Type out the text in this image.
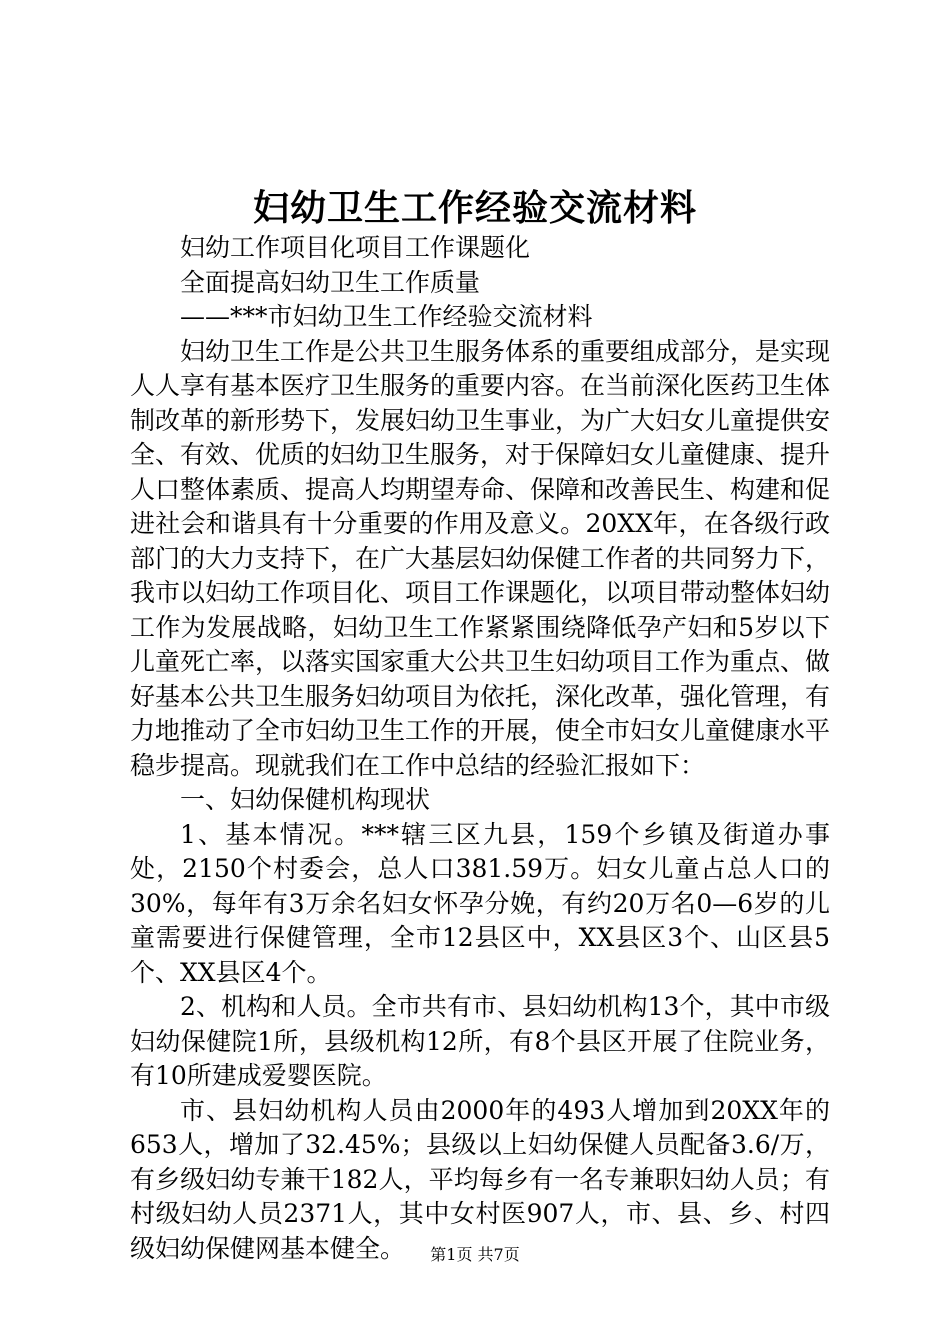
妇幼卫生工作经验交流材料

妇幼工作项目化项目工作课题化

全面提高妇幼卫生工作质量

——***市妇幼卫生工作经验交流材料

妇幼卫生工作是公共卫生服务体系的重要组成部分，是实现人人享有基本医疗卫生服务的重要内容。在当前深化医药卫生体制改革的新形势下，发展妇幼卫生事业，为广大妇女儿童提供安全、有效、优质的妇幼卫生服务，对于保障妇女儿童健康、提升人口整体素质、提高人均期望寿命、保障和改善民生、构建和促进社会和谐具有十分重要的作用及意义。20XX年，在各级行政部门的大力支持下，在广大基层妇幼保健工作者的共同努力下，我市以妇幼工作项目化、项目工作课题化，以项目带动整体妇幼工作为发展战略，妇幼卫生工作紧紧围绕降低孕产妇和5岁以下儿童死亡率，以落实国家重大公共卫生妇幼项目工作为重点、做好基本公共卫生服务妇幼项目为依托，深化改革，强化管理，有力地推动了全市妇幼卫生工作的开展，使全市妇女儿童健康水平稳步提高。现就我们在工作中总结的经验汇报如下：

一、妇幼保健机构现状

1、基本情况。***辖三区九县，159个乡镇及街道办事处，2150个村委会，总人口381.59万。妇女儿童占总人口的30%，每年有3万余名妇女怀孕分娩，有约20万名0—6岁的儿童需要进行保健管理，全市12县区中，XX县区3个、山区县5个、XX县区4个。

2、机构和人员。全市共有市、县妇幼机构13个，其中市级妇幼保健院1所，县级机构12所，有8个县区开展了住院业务，有10所建成爱婴医院。

市、县妇幼机构人员由2000年的493人增加到20XX年的653人，增加了32.45%；县级以上妇幼保健人员配备3.6/万，有乡级妇幼专兼干182人，平均每乡有一名专兼职妇幼人员；有村级妇幼人员2371人，其中女村医907人，市、县、乡、村四级妇幼保健网基本健全。	第1页 共7页
